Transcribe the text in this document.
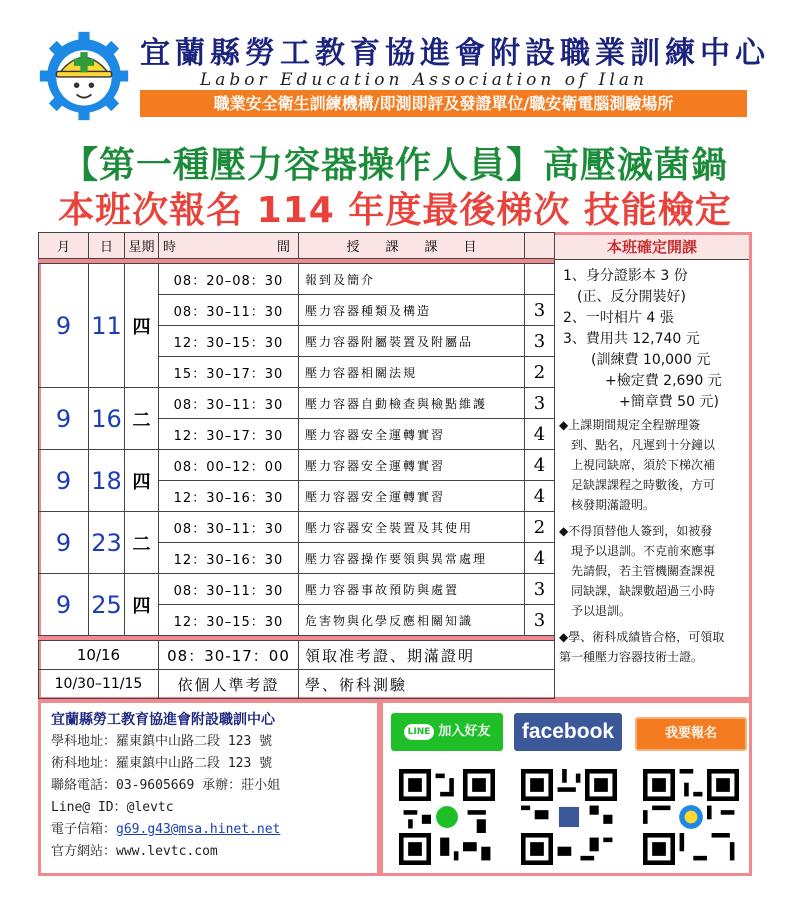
宜蘭縣勞工教育協進會附設職業訓練中心
Labor Education Association of Ilan
職業安全衛生訓練機構/即測即評及發證單位/職安衛電腦測驗場所
【第一種壓力容器操作人員】高壓滅菌鍋
本班次報名 114 年度最後梯次 技能檢定
月	日	星期	時 間	授　　課　　課　　目	

9	11	四	08：20–08：30	報到及簡介	
			08：30–11：30	壓力容器種類及構造	3
			12：30–15：30	壓力容器附屬裝置及附屬品	3
			15：30–17：30	壓力容器相關法規	2
9	16	二	08：30–11：30	壓力容器自動檢查與檢點維護	3
			12：30–17：30	壓力容器安全運轉實習	4
9	18	四	08：00–12：00	壓力容器安全運轉實習	4
			12：30–16：30	壓力容器安全運轉實習	4
9	23	二	08：30–11：30	壓力容器安全裝置及其使用	2
			12：30–16：30	壓力容器操作要領與異常處理	4
9	25	四	08：30–11：30	壓力容器事故預防與處置	3
			12：30–15：30	危害物與化學反應相關知識	3

10/16			08：30-17：00	領取准考證、期滿證明	
10/30–11/15			依個人準考證	學、術科測驗	
本班確定開課
1、身分證影本 3 份
　(正、反分開裝好)
2、一吋相片 4 張
3、費用共 12,740 元
　　(訓練費 10,000 元
　　　+檢定費 2,690 元
　　　　+簡章費 50 元)
◆上課期間規定全程辦理簽
　到、點名，凡遲到十分鐘以
　上視同缺席，須於下梯次補
　足缺課課程之時數後，方可
　核發期滿證明。
◆不得頂替他人簽到，如被發
　現予以退訓。不克前來應事
　先請假，若主管機關查課視
　同缺課，缺課數超過三小時
　予以退訓。
◆學、術科成績皆合格，可領取
第一種壓力容器技術士證。
宜蘭縣勞工教育協進會附設職訓中心
學科地址：羅東鎮中山路二段 123 號
術科地址：羅東鎮中山路二段 123 號
聯絡電話：03-9605669 承辦：莊小姐
Line@ ID：@levtc
電子信箱：g69.g43@msa.hinet.net
官方網站：www.levtc.com
LINE 加入好友	facebook	我要報名
